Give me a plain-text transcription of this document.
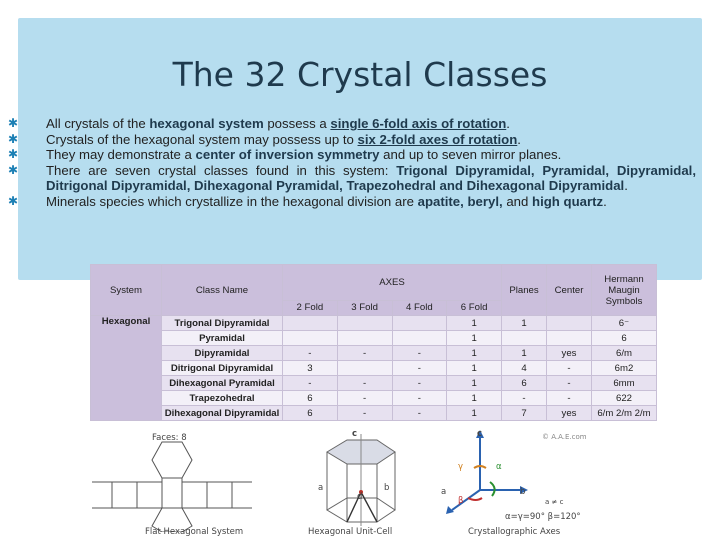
The 32 Crystal Classes
✱ All crystals of the hexagonal system possess a single 6-fold axis of rotation.
✱ Crystals of the hexagonal system may possess up to six 2-fold axes of rotation.
✱ They may demonstrate a center of inversion symmetry and up to seven mirror planes.
✱ There are seven crystal classes found in this system: Trigonal Dipyramidal, Pyramidal, Dipyramidal, Ditrigonal Dipyramidal, Dihexagonal Pyramidal, Trapezohedral and Dihexagonal Dipyramidal.
✱ Minerals species which crystallize in the hexagonal division are apatite, beryl, and high quartz.
System	Class Name	AXES				Planes	Center	Hermann Maugin Symbols
		2 Fold	3 Fold	4 Fold	6 Fold			
Hexagonal	Trigonal Dipyramidal				1	1		6⁻
	Pyramidal				1			6
	Dipyramidal	-	-	-	1	1	yes	6/m
	Ditrigonal Dipyramidal	3		-	1	4	-	6m2
	Dihexagonal Pyramidal	-	-	-	1	6	-	6mm
	Trapezohedral	6	-	-	1	-	-	622
	Dihexagonal Dipyramidal	6	-	-	1	7	yes	6/m 2/m 2/m
Faces: 8
Flat Hexagonal System
c
a	b
d
Hexagonal Unit-Cell
c
γ	α
a
β
b
a ≠ c
α=γ=90° β=120°
© A.A.E.com
Crystallographic Axes
